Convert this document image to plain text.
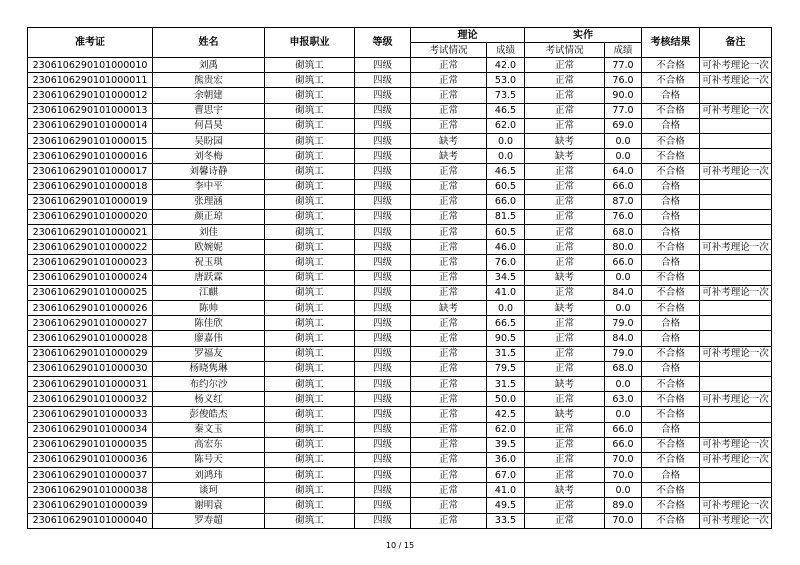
准考证	姓名	申报职业	等级	理论		实作		考核结果	备注
				考试情况	成绩	考试情况	成绩		
2306106290101000010	刘禹	砌筑工	四级	正常	42.0	正常	77.0	不合格	可补考理论一次
2306106290101000011	熊贵宏	砌筑工	四级	正常	53.0	正常	76.0	不合格	可补考理论一次
2306106290101000012	余朝建	砌筑工	四级	正常	73.5	正常	90.0	合格	
2306106290101000013	曹思宇	砌筑工	四级	正常	46.5	正常	77.0	不合格	可补考理论一次
2306106290101000014	何昌昊	砌筑工	四级	正常	62.0	正常	69.0	合格	
2306106290101000015	吴盼园	砌筑工	四级	缺考	0.0	缺考	0.0	不合格	
2306106290101000016	刘冬梅	砌筑工	四级	缺考	0.0	缺考	0.0	不合格	
2306106290101000017	刘馨诗静	砌筑工	四级	正常	46.5	正常	64.0	不合格	可补考理论一次
2306106290101000018	李中平	砌筑工	四级	正常	60.5	正常	66.0	合格	
2306106290101000019	张理涵	砌筑工	四级	正常	66.0	正常	87.0	合格	
2306106290101000020	颜正琼	砌筑工	四级	正常	81.5	正常	76.0	合格	
2306106290101000021	刘佳	砌筑工	四级	正常	60.5	正常	68.0	合格	
2306106290101000022	欧婉妮	砌筑工	四级	正常	46.0	正常	80.0	不合格	可补考理论一次
2306106290101000023	祝玉琪	砌筑工	四级	正常	76.0	正常	66.0	合格	
2306106290101000024	唐跃霖	砌筑工	四级	正常	34.5	缺考	0.0	不合格	
2306106290101000025	江麒	砌筑工	四级	正常	41.0	正常	84.0	不合格	可补考理论一次
2306106290101000026	陈帅	砌筑工	四级	缺考	0.0	缺考	0.0	不合格	
2306106290101000027	陈佳欣	砌筑工	四级	正常	66.5	正常	79.0	合格	
2306106290101000028	廖嘉伟	砌筑工	四级	正常	90.5	正常	84.0	合格	
2306106290101000029	罗福友	砌筑工	四级	正常	31.5	正常	79.0	不合格	可补考理论一次
2306106290101000030	杨晓隽琳	砌筑工	四级	正常	79.5	正常	68.0	合格	
2306106290101000031	布约尔沙	砌筑工	四级	正常	31.5	缺考	0.0	不合格	
2306106290101000032	杨义红	砌筑工	四级	正常	50.0	正常	63.0	不合格	可补考理论一次
2306106290101000033	彭俊皓杰	砌筑工	四级	正常	42.5	缺考	0.0	不合格	
2306106290101000034	秦文玉	砌筑工	四级	正常	62.0	正常	66.0	合格	
2306106290101000035	高宏东	砌筑工	四级	正常	39.5	正常	66.0	不合格	可补考理论一次
2306106290101000036	陈号天	砌筑工	四级	正常	36.0	正常	70.0	不合格	可补考理论一次
2306106290101000037	刘鸿玮	砌筑工	四级	正常	67.0	正常	70.0	合格	
2306106290101000038	谈珂	砌筑工	四级	正常	41.0	缺考	0.0	不合格	
2306106290101000039	谢明袁	砌筑工	四级	正常	49.5	正常	89.0	不合格	可补考理论一次
2306106290101000040	罗寿超	砌筑工	四级	正常	33.5	正常	70.0	不合格	可补考理论一次
10 / 15
